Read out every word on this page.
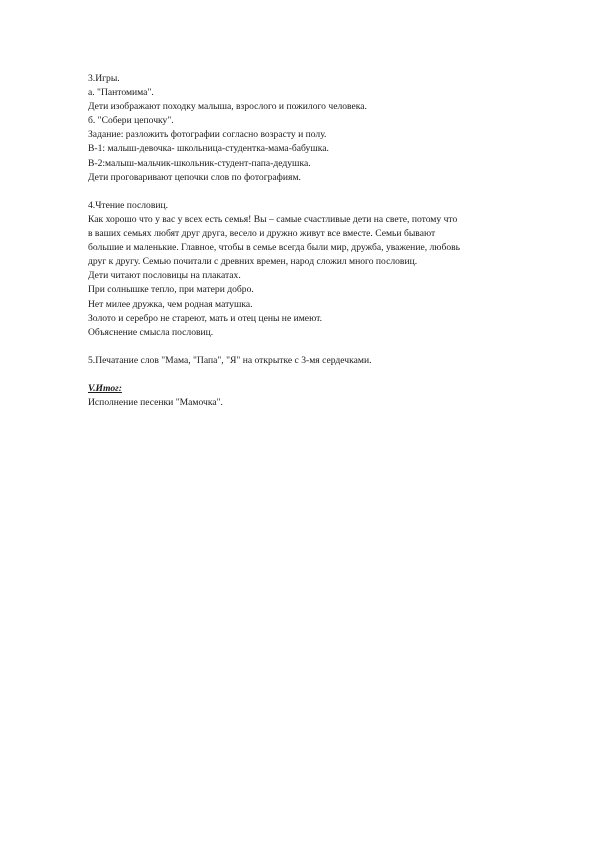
3.Игры.
а. "Пантомима".
Дети изображают походку малыша, взрослого и пожилого человека.
б. "Собери цепочку".
Задание: разложить фотографии согласно возрасту и полу.
В-1: малыш-девочка- школьница-студентка-мама-бабушка.
В-2:малыш-мальчик-школьник-студент-папа-дедушка.
Дети проговаривают цепочки слов по фотографиям.
4.Чтение пословиц.
Как хорошо что у вас у всех есть семья! Вы – самые счастливые дети на свете, потому что
в ваших семьях любят друг друга, весело и дружно живут все вместе. Семьи бывают
большие и маленькие. Главное, чтобы в семье всегда были мир, дружба, уважение, любовь
друг к другу. Семью почитали с древних времен, народ сложил много пословиц.
Дети читают пословицы на плакатах.
При солнышке тепло, при матери добро.
Нет милее дружка, чем родная матушка.
Золото и серебро не стареют, мать и отец цены не имеют.
Объяснение смысла пословиц.
5.Печатание слов "Мама, "Папа", "Я" на открытке с 3-мя сердечками.
V.Итог:
Исполнение песенки "Мамочка".
